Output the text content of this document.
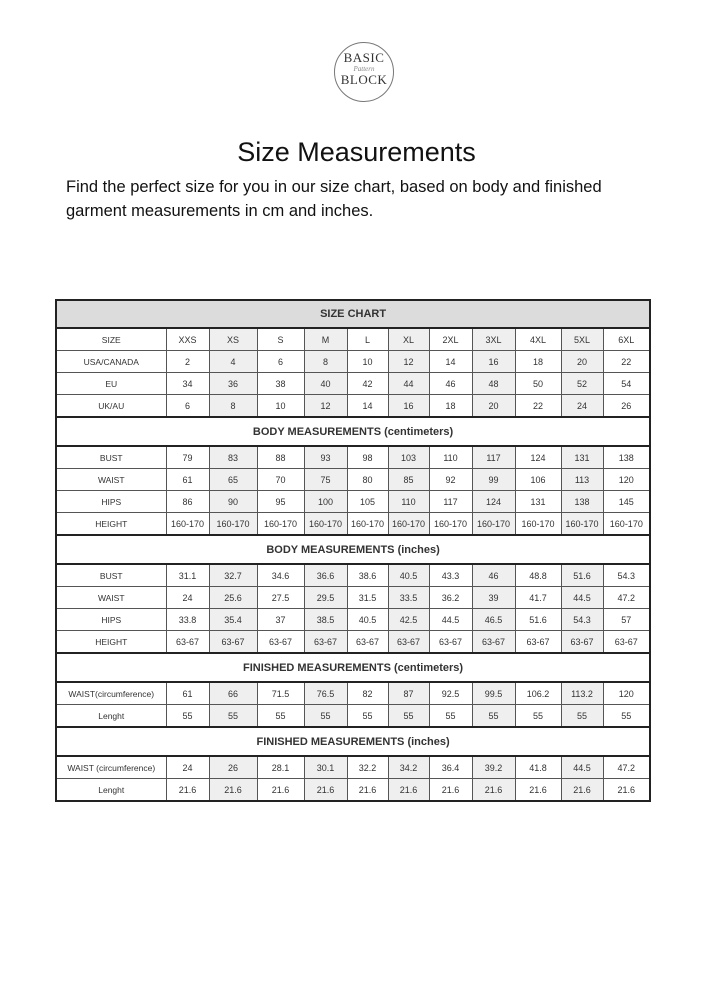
BASIC
Pattern
BLOCK
Size Measurements

Find the perfect size for you in our size chart, based on body and finished garment measurements in cm and inches.

SIZE CHART											
SIZE	XXS	XS	S	M	L	XL	2XL	3XL	4XL	5XL	6XL
USA/CANADA	2	4	6	8	10	12	14	16	18	20	22
EU	34	36	38	40	42	44	46	48	50	52	54
UK/AU	6	8	10	12	14	16	18	20	22	24	26
BODY MEASUREMENTS (centimeters)											
BUST	79	83	88	93	98	103	110	117	124	131	138
WAIST	61	65	70	75	80	85	92	99	106	113	120
HIPS	86	90	95	100	105	110	117	124	131	138	145
HEIGHT	160-170	160-170	160-170	160-170	160-170	160-170	160-170	160-170	160-170	160-170	160-170
BODY MEASUREMENTS (inches)											
BUST	31.1	32.7	34.6	36.6	38.6	40.5	43.3	46	48.8	51.6	54.3
WAIST	24	25.6	27.5	29.5	31.5	33.5	36.2	39	41.7	44.5	47.2
HIPS	33.8	35.4	37	38.5	40.5	42.5	44.5	46.5	51.6	54.3	57
HEIGHT	63-67	63-67	63-67	63-67	63-67	63-67	63-67	63-67	63-67	63-67	63-67
FINISHED MEASUREMENTS (centimeters)											
WAIST(circumference)	61	66	71.5	76.5	82	87	92.5	99.5	106.2	113.2	120
Lenght	55	55	55	55	55	55	55	55	55	55	55
FINISHED MEASUREMENTS (inches)											
WAIST (circumference)	24	26	28.1	30.1	32.2	34.2	36.4	39.2	41.8	44.5	47.2
Lenght	21.6	21.6	21.6	21.6	21.6	21.6	21.6	21.6	21.6	21.6	21.6
